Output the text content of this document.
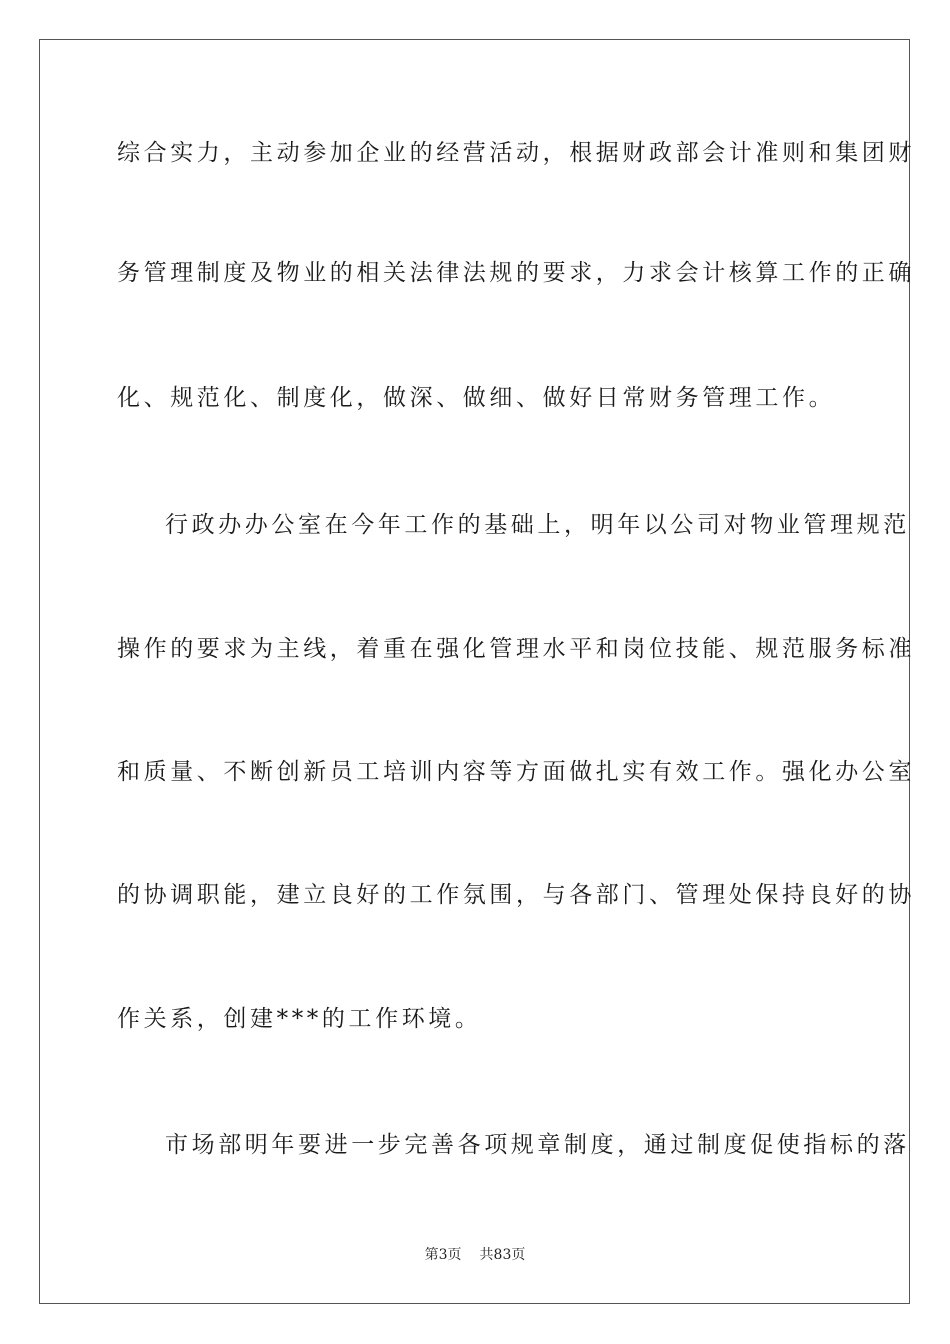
综合实力，主动参加企业的经营活动，根据财政部会计准则和集团财
务管理制度及物业的相关法律法规的要求，力求会计核算工作的正确
化、规范化、制度化，做深、做细、做好日常财务管理工作。
行政办办公室在今年工作的基础上，明年以公司对物业管理规范
操作的要求为主线，着重在强化管理水平和岗位技能、规范服务标准
和质量、不断创新员工培训内容等方面做扎实有效工作。强化办公室
的协调职能，建立良好的工作氛围，与各部门、管理处保持良好的协
作关系，创建***的工作环境。
市场部明年要进一步完善各项规章制度，通过制度促使指标的落
第3页 共83页
